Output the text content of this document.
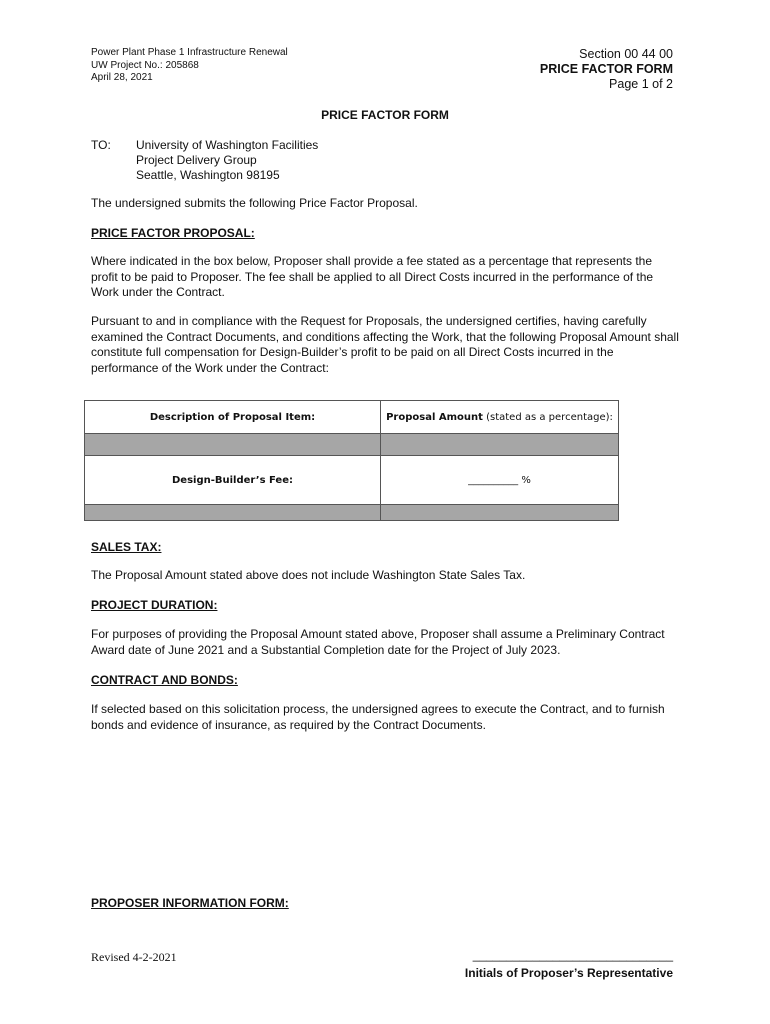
Power Plant Phase 1 Infrastructure Renewal
UW Project No.: 205868
April 28, 2021
Section 00 44 00
PRICE FACTOR FORM
Page 1 of 2
PRICE FACTOR FORM
TO: University of Washington Facilities
Project Delivery Group
Seattle, Washington 98195
The undersigned submits the following Price Factor Proposal.
PRICE FACTOR PROPOSAL:
Where indicated in the box below, Proposer shall provide a fee stated as a percentage that represents the profit to be paid to Proposer. The fee shall be applied to all Direct Costs incurred in the performance of the Work under the Contract.
Pursuant to and in compliance with the Request for Proposals, the undersigned certifies, having carefully examined the Contract Documents, and conditions affecting the Work, that the following Proposal Amount shall constitute full compensation for Design-Builder’s profit to be paid on all Direct Costs incurred in the performance of the Work under the Contract:
Description of Proposal Item:	Proposal Amount (stated as a percentage):

Design-Builder’s Fee:	__________ %

SALES TAX:
The Proposal Amount stated above does not include Washington State Sales Tax.
PROJECT DURATION:
For purposes of providing the Proposal Amount stated above, Proposer shall assume a Preliminary Contract Award date of June 2021 and a Substantial Completion date for the Project of July 2023.
CONTRACT AND BONDS:
If selected based on this solicitation process, the undersigned agrees to execute the Contract, and to furnish bonds and evidence of insurance, as required by the Contract Documents.
PROPOSER INFORMATION FORM:
Revised 4-2-2021	______________________________
Initials of Proposer’s Representative
